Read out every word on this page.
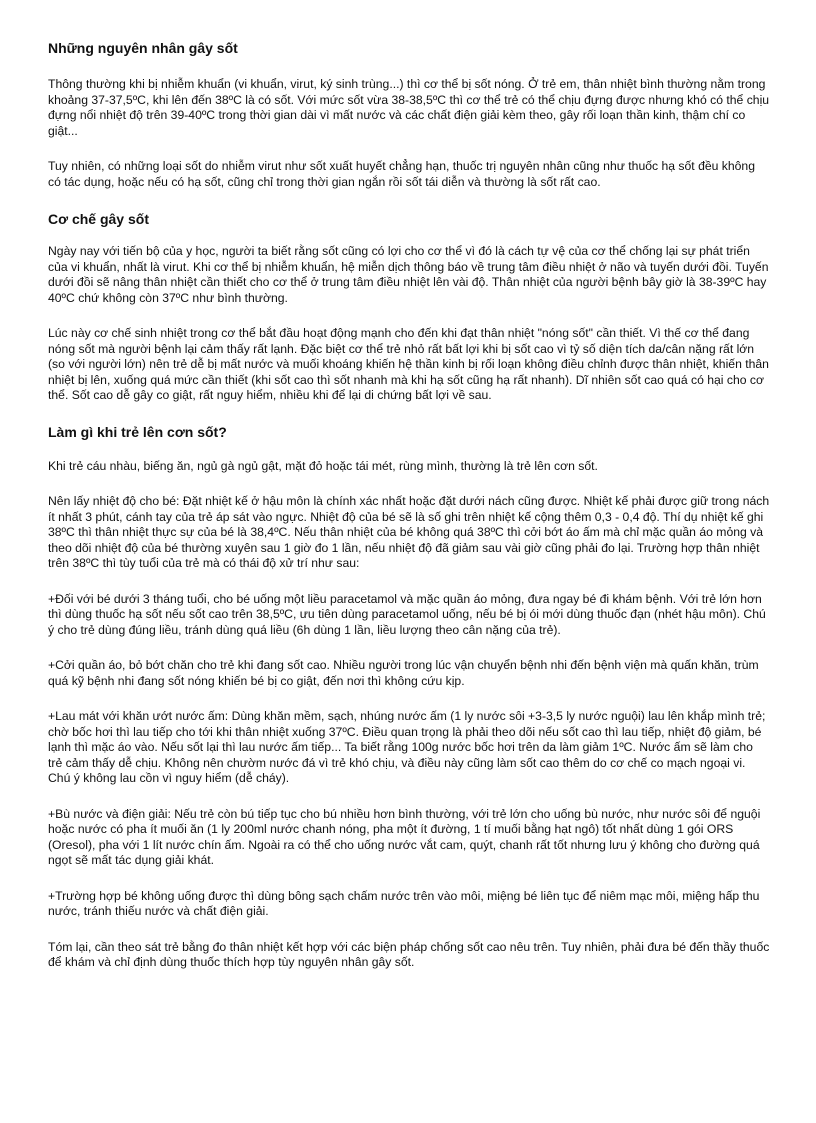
Những nguyên nhân gây sốt

Thông thường khi bị nhiễm khuẩn (vi khuẩn, virut, ký sinh trùng...) thì cơ thể bị sốt nóng. Ở trẻ em, thân nhiệt bình thường nằm trong khoảng 37-37,5ºC, khi lên đến 38ºC là có sốt. Với mức sốt vừa 38-38,5ºC thì cơ thể trẻ có thể chịu đựng được nhưng khó có thể chịu đựng nổi nhiệt độ trên 39-40ºC trong thời gian dài vì mất nước và các chất điện giải kèm theo, gây rối loạn thần kinh, thậm chí co giật...

Tuy nhiên, có những loại sốt do nhiễm virut như sốt xuất huyết chẳng hạn, thuốc trị nguyên nhân cũng như thuốc hạ sốt đều không có tác dụng, hoặc nếu có hạ sốt, cũng chỉ trong thời gian ngắn rồi sốt tái diễn và thường là sốt rất cao.

Cơ chế gây sốt

Ngày nay với tiến bộ của y học, người ta biết rằng sốt cũng có lợi cho cơ thể vì đó là cách tự vệ của cơ thể chống lại sự phát triển của vi khuẩn, nhất là virut. Khi cơ thể bị nhiễm khuẩn, hệ miễn dịch thông báo về trung tâm điều nhiệt ở não và tuyến dưới đồi. Tuyến dưới đồi sẽ nâng thân nhiệt cần thiết cho cơ thể ở trung tâm điều nhiệt lên vài độ. Thân nhiệt của người bệnh bây giờ là 38-39ºC hay 40ºC chứ không còn 37ºC như bình thường.

Lúc này cơ chế sinh nhiệt trong cơ thể bắt đầu hoạt động mạnh cho đến khi đạt thân nhiệt "nóng sốt" cần thiết. Vì thế cơ thể đang nóng sốt mà người bệnh lại cảm thấy rất lạnh. Đặc biệt cơ thể trẻ nhỏ rất bất lợi khi bị sốt cao vì tỷ số diện tích da/cân nặng rất lớn (so với người lớn) nên trẻ dễ bị mất nước và muối khoáng khiến hệ thần kinh bị rối loạn không điều chỉnh được thân nhiệt, khiến thân nhiệt bị lên, xuống quá mức cần thiết (khi sốt cao thì sốt nhanh mà khi hạ sốt cũng hạ rất nhanh). Dĩ nhiên sốt cao quá có hại cho cơ thể. Sốt cao dễ gây co giật, rất nguy hiểm, nhiều khi để lại di chứng bất lợi về sau.

Làm gì khi trẻ lên cơn sốt?

Khi trẻ cáu nhàu, biếng ăn, ngủ gà ngủ gật, mặt đỏ hoặc tái mét, rùng mình, thường là trẻ lên cơn sốt.

Nên lấy nhiệt độ cho bé: Đặt nhiệt kế ở hậu môn là chính xác nhất hoặc đặt dưới nách cũng được. Nhiệt kế phải được giữ trong nách ít nhất 3 phút, cánh tay của trẻ áp sát vào ngực. Nhiệt độ của bé sẽ là số ghi trên nhiệt kế cộng thêm 0,3 - 0,4 độ. Thí dụ nhiệt kế ghi 38ºC thì thân nhiệt thực sự của bé là 38,4ºC. Nếu thân nhiệt của bé không quá 38ºC thì cởi bớt áo ấm mà chỉ mặc quần áo mỏng và theo dõi nhiệt độ của bé thường xuyên sau 1 giờ đo 1 lần, nếu nhiệt độ đã giảm sau vài giờ cũng phải đo lại. Trường hợp thân nhiệt trên 38ºC thì tùy tuổi của trẻ mà có thái độ xử trí như sau:

+Đối với bé dưới 3 tháng tuổi, cho bé uống một liều paracetamol và mặc quần áo mỏng, đưa ngay bé đi khám bệnh. Với trẻ lớn hơn thì dùng thuốc hạ sốt nếu sốt cao trên 38,5ºC, ưu tiên dùng paracetamol uống, nếu bé bị ói mới dùng thuốc đạn (nhét hậu môn). Chú ý cho trẻ dùng đúng liều, tránh dùng quá liều (6h dùng 1 lần, liều lượng theo cân nặng của trẻ).

+Cởi quần áo, bỏ bớt chăn cho trẻ khi đang sốt cao. Nhiều người trong lúc vận chuyển bệnh nhi đến bệnh viện mà quấn khăn, trùm quá kỹ bệnh nhi đang sốt nóng khiến bé bị co giật, đến nơi thì không cứu kịp.

+Lau mát với khăn ướt nước ấm: Dùng khăn mềm, sạch, nhúng nước ấm (1 ly nước sôi +3-3,5 ly nước nguội) lau lên khắp mình trẻ; chờ bốc hơi thì lau tiếp cho tới khi thân nhiệt xuống 37ºC. Điều quan trọng là phải theo dõi nếu sốt cao thì lau tiếp, nhiệt độ giảm, bé lạnh thì mặc áo vào. Nếu sốt lại thì lau nước ấm tiếp... Ta biết rằng 100g nước bốc hơi trên da làm giảm 1ºC. Nước ấm sẽ làm cho trẻ cảm thấy dễ chịu. Không nên chườm nước đá vì trẻ khó chịu, và điều này cũng làm sốt cao thêm do cơ chế co mạch ngoại vi. Chú ý không lau cồn vì nguy hiểm (dễ cháy).

+Bù nước và điện giải: Nếu trẻ còn bú tiếp tục cho bú nhiều hơn bình thường, với trẻ lớn cho uống bù nước, như nước sôi để nguội hoặc nước có pha ít muối ăn (1 ly 200ml nước chanh nóng, pha một ít đường, 1 tí muối bằng hạt ngô) tốt nhất dùng 1 gói ORS (Oresol), pha với 1 lít nước chín ấm. Ngoài ra có thể cho uống nước vắt cam, quýt, chanh rất tốt nhưng lưu ý không cho đường quá ngọt sẽ mất tác dụng giải khát.

+Trường hợp bé không uống được thì dùng bông sạch chấm nước trên vào môi, miệng bé liên tục để niêm mạc môi, miệng hấp thu nước, tránh thiếu nước và chất điện giải.

Tóm lại, cần theo sát trẻ bằng đo thân nhiệt kết hợp với các biện pháp chống sốt cao nêu trên. Tuy nhiên, phải đưa bé đến thầy thuốc để khám và chỉ định dùng thuốc thích hợp tùy nguyên nhân gây sốt.
